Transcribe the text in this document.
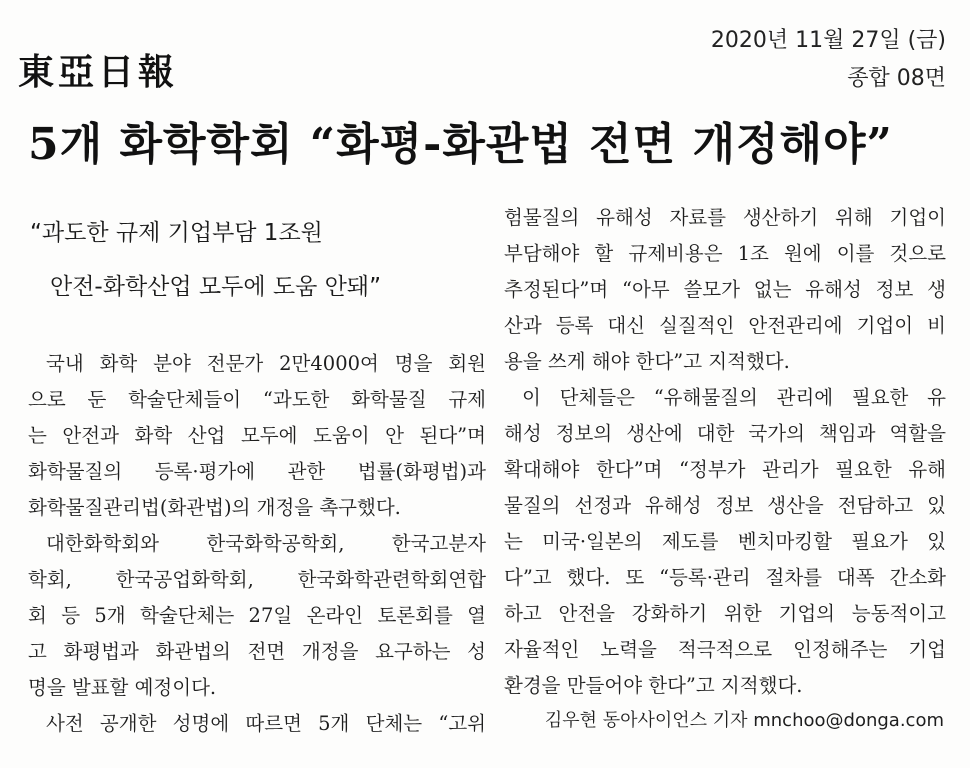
東亞日報
2020년 11월 27일 (금)
종합 08면
5개 화학학회 “화평-화관법 전면 개정해야”
“과도한 규제 기업부담 1조원
안전-화학산업 모두에 도움 안돼”
국내 화학 분야 전문가 2만4000여 명을 회원
으로 둔 학술단체들이 “과도한 화학물질 규제
는 안전과 화학 산업 모두에 도움이 안 된다”며
화학물질의 등록·평가에 관한 법률(화평법)과
화학물질관리법(화관법)의 개정을 촉구했다.
대한화학회와 한국화학공학회, 한국고분자
학회, 한국공업화학회, 한국화학관련학회연합
회 등 5개 학술단체는 27일 온라인 토론회를 열
고 화평법과 화관법의 전면 개정을 요구하는 성
명을 발표할 예정이다.
사전 공개한 성명에 따르면 5개 단체는 “고위
험물질의 유해성 자료를 생산하기 위해 기업이
부담해야 할 규제비용은 1조 원에 이를 것으로
추정된다”며 “아무 쓸모가 없는 유해성 정보 생
산과 등록 대신 실질적인 안전관리에 기업이 비
용을 쓰게 해야 한다”고 지적했다.
이 단체들은 “유해물질의 관리에 필요한 유
해성 정보의 생산에 대한 국가의 책임과 역할을
확대해야 한다”며 “정부가 관리가 필요한 유해
물질의 선정과 유해성 정보 생산을 전담하고 있
는 미국·일본의 제도를 벤치마킹할 필요가 있
다”고 했다. 또 “등록·관리 절차를 대폭 간소화
하고 안전을 강화하기 위한 기업의 능동적이고
자율적인 노력을 적극적으로 인정해주는 기업
환경을 만들어야 한다”고 지적했다.
김우현 동아사이언스 기자 mnchoo@donga.com
